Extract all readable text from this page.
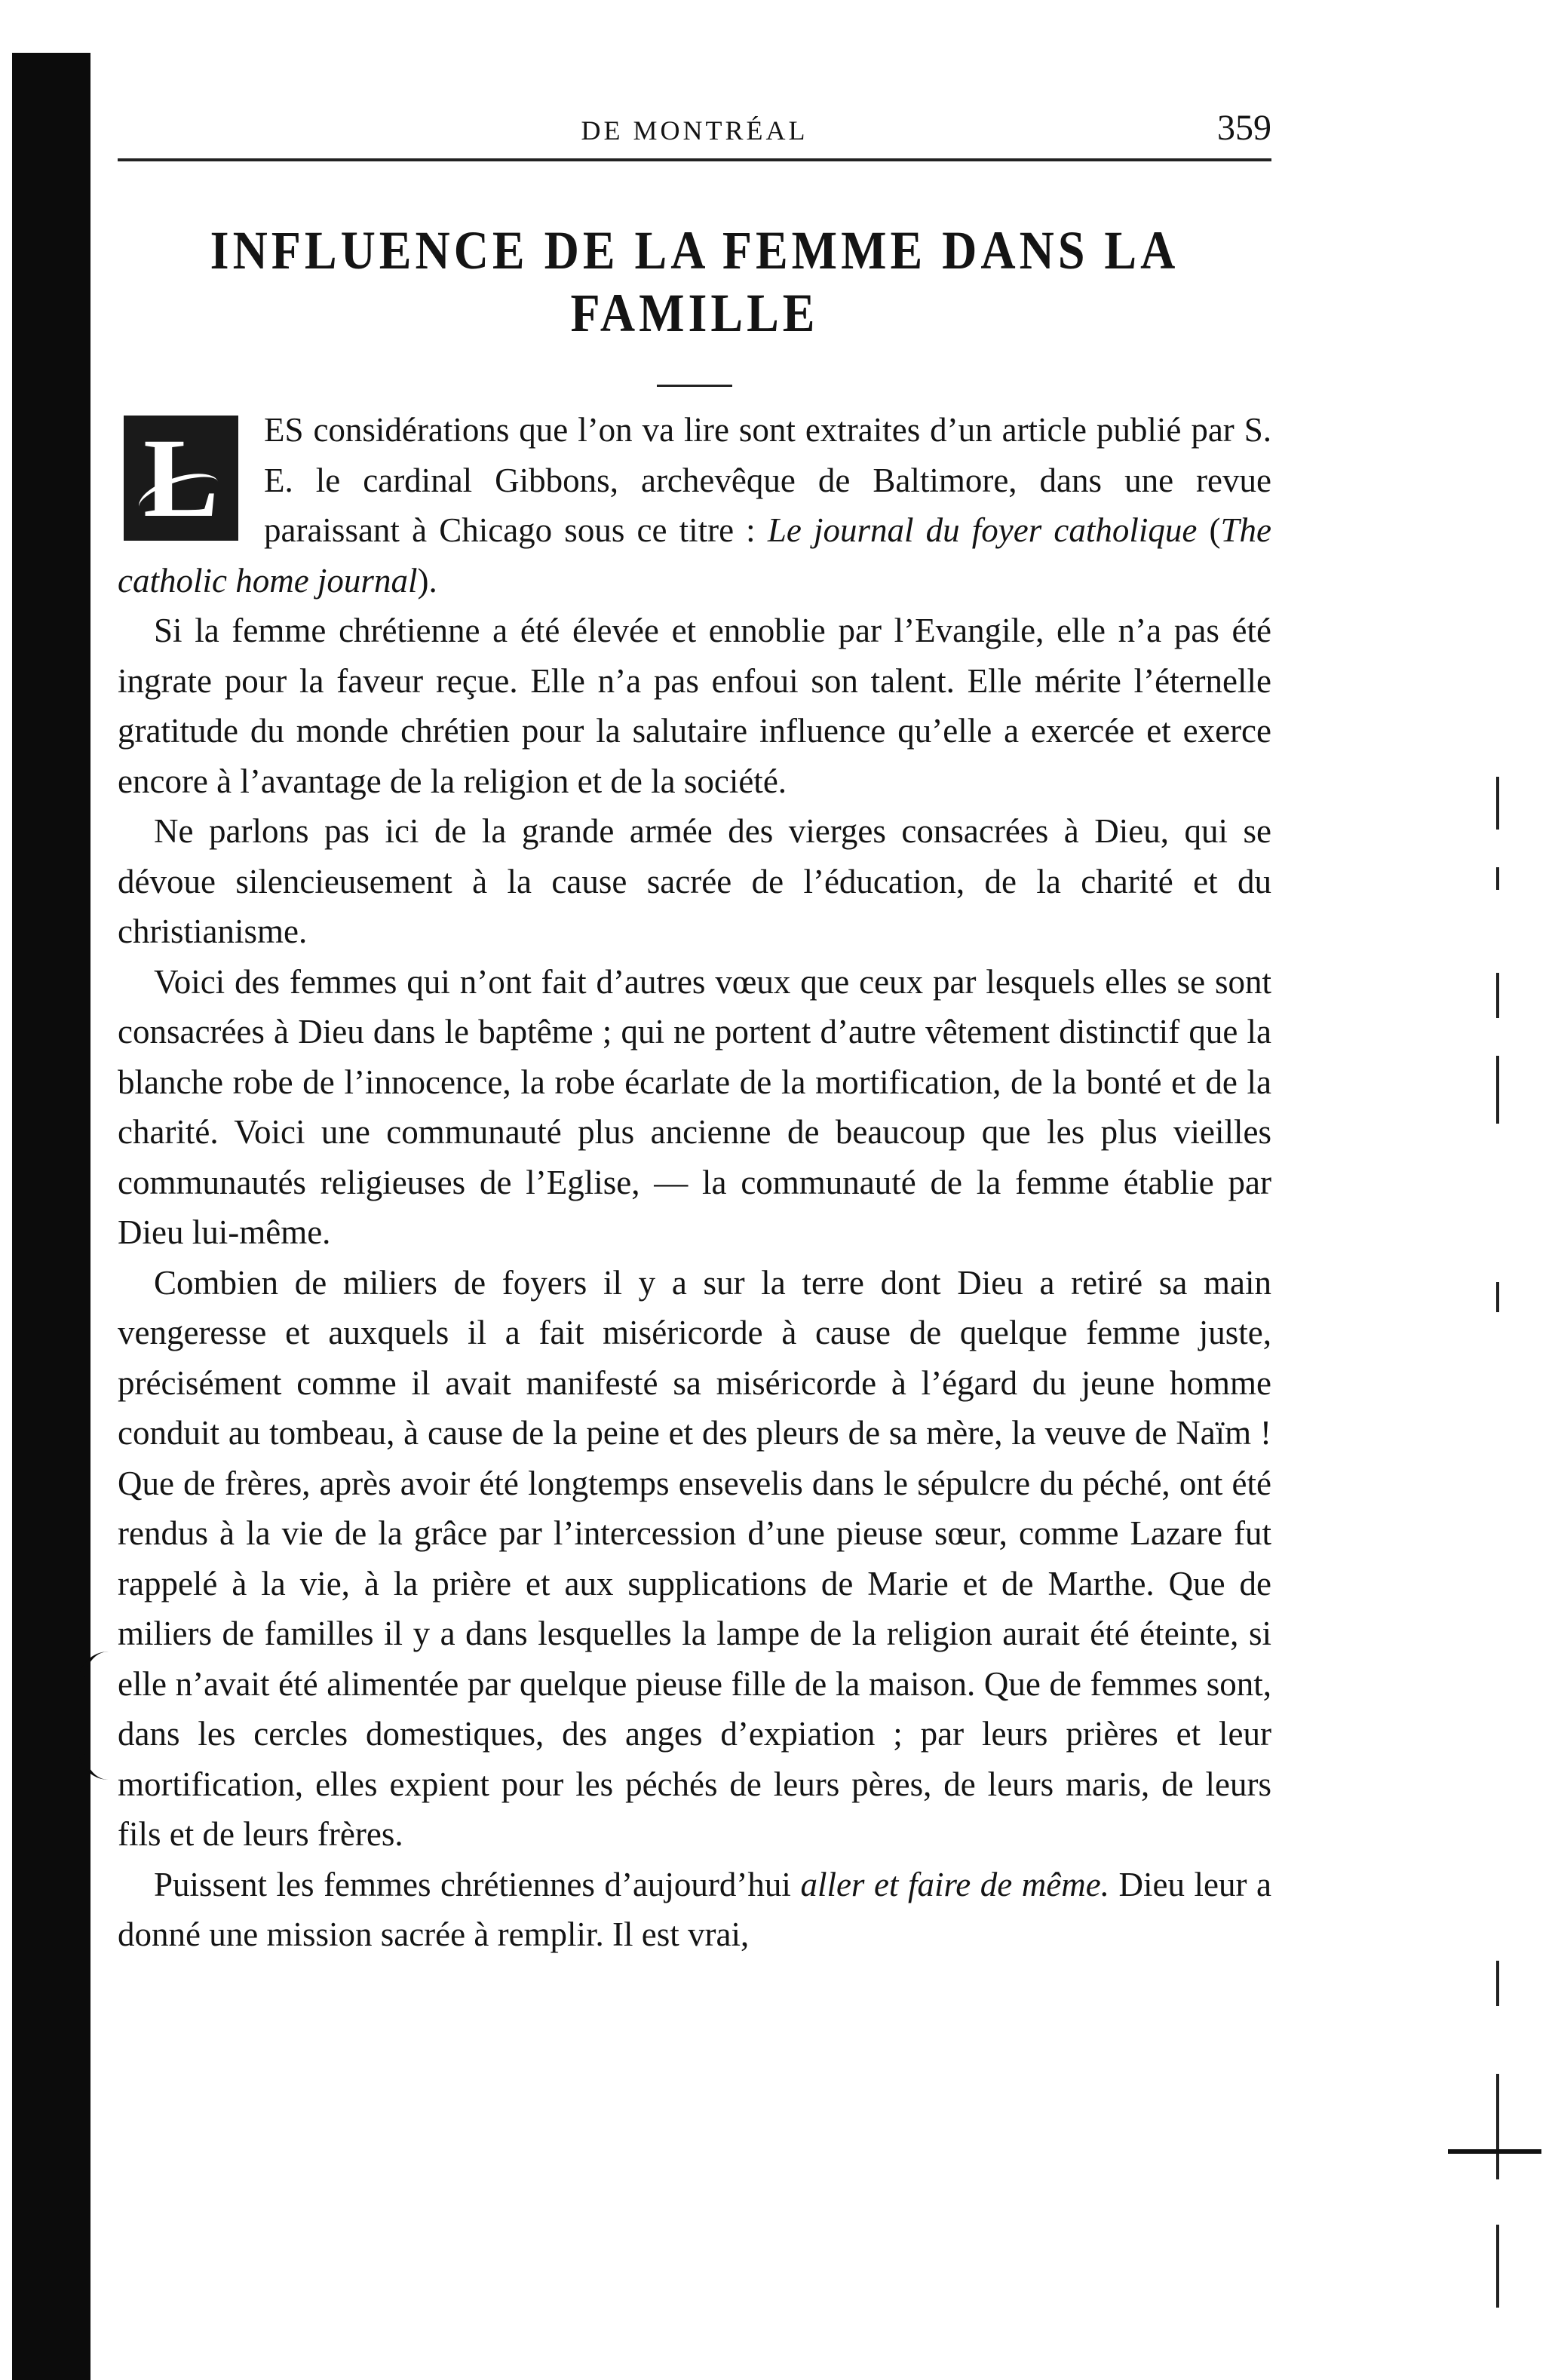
DE MONTRÉAL	359
INFLUENCE DE LA FEMME DANS LA FAMILLE

L	ES considérations que l’on va lire sont extraites d’un article publié par S. E. le cardinal Gibbons, archevêque de Baltimore, dans une revue paraissant à Chicago sous ce titre : Le journal du foyer catholique (The catholic home journal).

Si la femme chrétienne a été élevée et ennoblie par l’Evangile, elle n’a pas été ingrate pour la faveur reçue. Elle n’a pas enfoui son talent. Elle mérite l’éternelle gratitude du monde chrétien pour la salutaire influence qu’elle a exercée et exerce encore à l’avantage de la religion et de la société.

Ne parlons pas ici de la grande armée des vierges consacrées à Dieu, qui se dévoue silencieusement à la cause sacrée de l’éducation, de la charité et du christianisme.

Voici des femmes qui n’ont fait d’autres vœux que ceux par lesquels elles se sont consacrées à Dieu dans le baptême ; qui ne portent d’autre vêtement distinctif que la blanche robe de l’innocence, la robe écarlate de la mortification, de la bonté et de la charité. Voici une communauté plus ancienne de beaucoup que les plus vieilles communautés religieuses de l’Eglise, — la communauté de la femme établie par Dieu lui-même.

Combien de miliers de foyers il y a sur la terre dont Dieu a retiré sa main vengeresse et auxquels il a fait miséricorde à cause de quelque femme juste, précisément comme il avait manifesté sa miséricorde à l’égard du jeune homme conduit au tombeau, à cause de la peine et des pleurs de sa mère, la veuve de Naïm ! Que de frères, après avoir été longtemps ensevelis dans le sépulcre du péché, ont été rendus à la vie de la grâce par l’intercession d’une pieuse sœur, comme Lazare fut rappelé à la vie, à la prière et aux supplications de Marie et de Marthe. Que de miliers de familles il y a dans lesquelles la lampe de la religion aurait été éteinte, si elle n’avait été alimentée par quelque pieuse fille de la maison. Que de femmes sont, dans les cercles domestiques, des anges d’expiation ; par leurs prières et leur mortification, elles expient pour les péchés de leurs pères, de leurs maris, de leurs fils et de leurs frères.

Puissent les femmes chrétiennes d’aujourd’hui aller et faire de même. Dieu leur a donné une mission sacrée à remplir. Il est vrai,
